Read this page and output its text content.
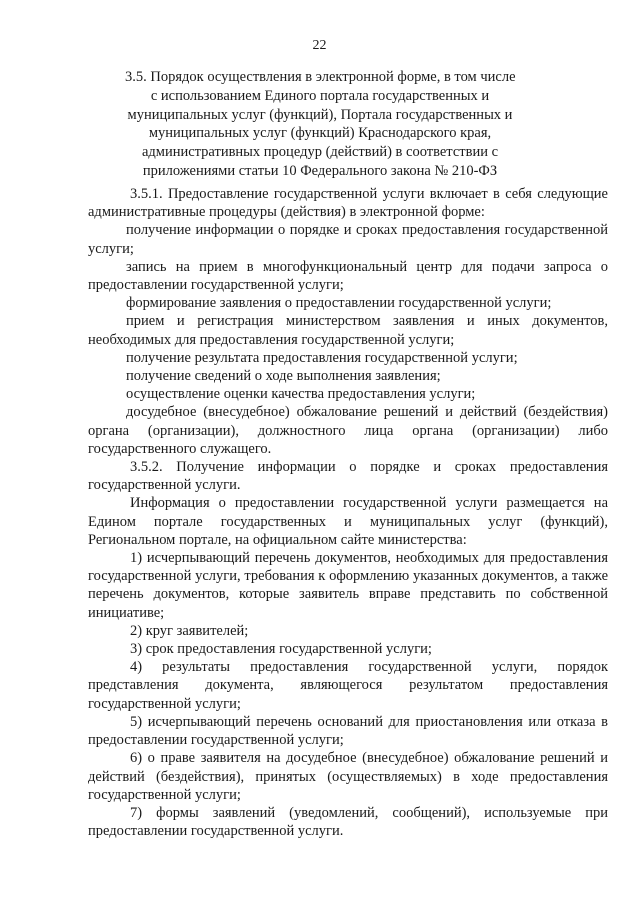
22
3.5. Порядок осуществления в электронной форме, в том числе
с использованием Единого портала государственных и
муниципальных услуг (функций), Портала государственных и
муниципальных услуг (функций) Краснодарского края,
административных процедур (действий) в соответствии с
приложениями статьи 10 Федерального закона № 210-ФЗ

3.5.1. Предоставление государственной услуги включает в себя следующие административные процедуры (действия) в электронной форме:

получение информации о порядке и сроках предоставления государственной услуги;

запись на прием в многофункциональный центр для подачи запроса о предоставлении государственной услуги;

формирование заявления о предоставлении государственной услуги;

прием и регистрация министерством заявления и иных документов, необходимых для предоставления государственной услуги;

получение результата предоставления государственной услуги;

получение сведений о ходе выполнения заявления;

осуществление оценки качества предоставления услуги;

досудебное (внесудебное) обжалование решений и действий (бездействия) органа (организации), должностного лица органа (организации) либо государственного служащего.

3.5.2. Получение информации о порядке и сроках предоставления государственной услуги.

Информация о предоставлении государственной услуги размещается на Едином портале государственных и муниципальных услуг (функций), Региональном портале, на официальном сайте министерства:

1) исчерпывающий перечень документов, необходимых для предоставления государственной услуги, требования к оформлению указанных документов, а также перечень документов, которые заявитель вправе представить по собственной инициативе;

2) круг заявителей;

3) срок предоставления государственной услуги;

4) результаты предоставления государственной услуги, порядок представления документа, являющегося результатом предоставления государственной услуги;

5) исчерпывающий перечень оснований для приостановления или отказа в предоставлении государственной услуги;

6) о праве заявителя на досудебное (внесудебное) обжалование решений и действий (бездействия), принятых (осуществляемых) в ходе предоставления государственной услуги;

7) формы заявлений (уведомлений, сообщений), используемые при предоставлении государственной услуги.
